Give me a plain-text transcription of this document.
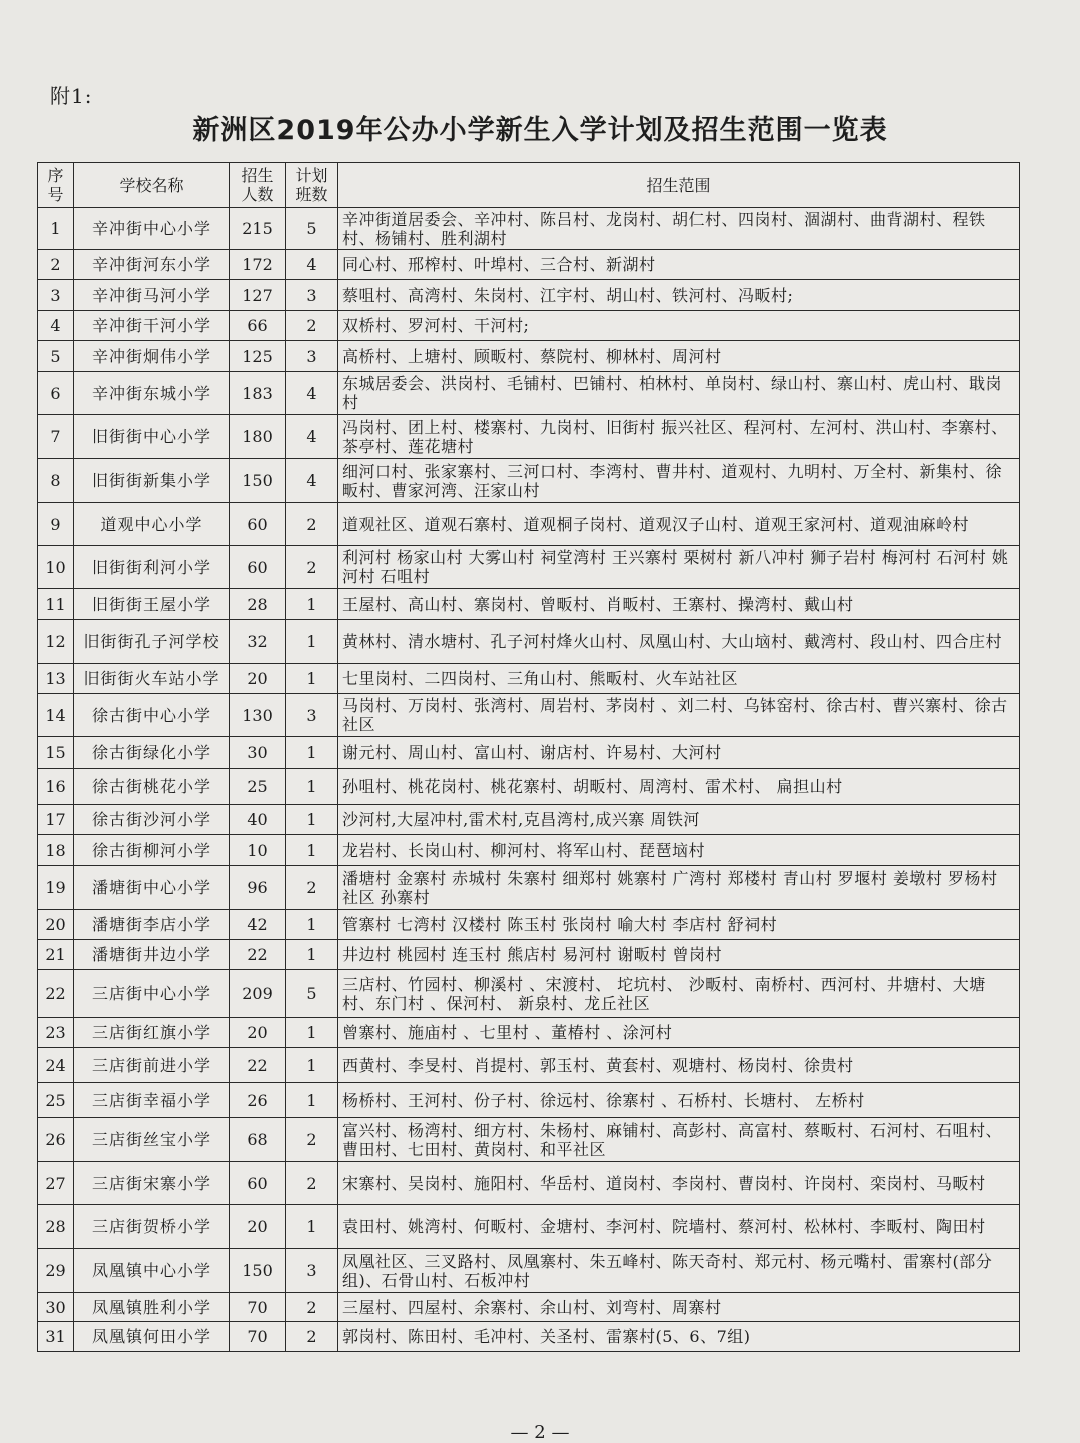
附1:
新洲区2019年公办小学新生入学计划及招生范围一览表
序号	学校名称	招生人数	计划班数	招生范围
1	辛冲街中心小学	215	5	辛冲街道居委会、辛冲村、陈吕村、龙岗村、胡仁村、四岗村、涸湖村、曲背湖村、程铁村、杨铺村、胜利湖村
2	辛冲街河东小学	172	4	同心村、邢榨村、叶埠村、三合村、新湖村
3	辛冲街马河小学	127	3	蔡咀村、高湾村、朱岗村、江宇村、胡山村、铁河村、冯畈村;
4	辛冲街干河小学	66	2	双桥村、罗河村、干河村;
5	辛冲街炯伟小学	125	3	高桥村、上塘村、顾畈村、蔡院村、柳林村、周河村
6	辛冲街东城小学	183	4	东城居委会、洪岗村、毛铺村、巴铺村、柏林村、单岗村、绿山村、寨山村、虎山村、戢岗村
7	旧街街中心小学	180	4	冯岗村、团上村、楼寨村、九岗村、旧街村 振兴社区、程河村、左河村、洪山村、李寨村、茶亭村、莲花塘村
8	旧街街新集小学	150	4	细河口村、张家寨村、三河口村、李湾村、曹井村、道观村、九明村、万全村、新集村、徐畈村、曹家河湾、汪家山村
9	道观中心小学	60	2	道观社区、道观石寨村、道观桐子岗村、道观汉子山村、道观王家河村、道观油麻岭村
10	旧街街利河小学	60	2	利河村 杨家山村 大雾山村 祠堂湾村 王兴寨村 栗树村 新八冲村 狮子岩村 梅河村 石河村 姚河村 石咀村
11	旧街街王屋小学	28	1	王屋村、高山村、寨岗村、曾畈村、肖畈村、王寨村、操湾村、戴山村
12	旧街街孔子河学校	32	1	黄林村、清水塘村、孔子河村烽火山村、凤凰山村、大山垴村、戴湾村、段山村、四合庄村
13	旧街街火车站小学	20	1	七里岗村、二四岗村、三角山村、熊畈村、火车站社区
14	徐古街中心小学	130	3	马岗村、万岗村、张湾村、周岩村、茅岗村 、刘二村、乌钵窑村、徐古村、曹兴寨村、徐古社区
15	徐古街绿化小学	30	1	谢元村、周山村、富山村、谢店村、许易村、大河村
16	徐古街桃花小学	25	1	孙咀村、桃花岗村、桃花寨村、胡畈村、周湾村、雷术村、 扁担山村
17	徐古街沙河小学	40	1	沙河村,大屋冲村,雷术村,克昌湾村,成兴寨 周铁河
18	徐古街柳河小学	10	1	龙岩村、长岗山村、柳河村、将军山村、琵琶垴村
19	潘塘街中心小学	96	2	潘塘村 金寨村 赤城村 朱寨村 细郑村 姚寨村 广湾村 郑楼村 青山村 罗堰村 姜墩村 罗杨村 社区 孙寨村
20	潘塘街李店小学	42	1	管寨村 七湾村 汉楼村 陈玉村 张岗村 喻大村 李店村 舒祠村
21	潘塘街井边小学	22	1	井边村 桃园村 连玉村 熊店村 易河村 谢畈村 曾岗村
22	三店街中心小学	209	5	三店村、竹园村、柳溪村 、宋渡村、 坨坑村、 沙畈村、南桥村、西河村、井塘村、大塘村、东门村 、保河村、 新泉村、龙丘社区
23	三店街红旗小学	20	1	曾寨村、施庙村 、七里村 、董椿村 、涂河村
24	三店街前进小学	22	1	西黄村、李旻村、肖提村、郭玉村、黄套村、观塘村、杨岗村、徐贵村
25	三店街幸福小学	26	1	杨桥村、王河村、份子村、徐远村、徐寨村 、石桥村、长塘村、 左桥村
26	三店街丝宝小学	68	2	富兴村、杨湾村、细方村、朱杨村、麻铺村、高彭村、高富村、蔡畈村、石河村、石咀村、曹田村、七田村、黄岗村、和平社区
27	三店街宋寨小学	60	2	宋寨村、吴岗村、施阳村、华岳村、道岗村、李岗村、曹岗村、许岗村、栾岗村、马畈村
28	三店街贺桥小学	20	1	袁田村、姚湾村、何畈村、金塘村、李河村、院墙村、蔡河村、松林村、李畈村、陶田村
29	凤凰镇中心小学	150	3	凤凰社区、三叉路村、凤凰寨村、朱五峰村、陈天奇村、郑元村、杨元嘴村、雷寨村(部分组)、石骨山村、石板冲村
30	凤凰镇胜利小学	70	2	三屋村、四屋村、余寨村、余山村、刘弯村、周寨村
31	凤凰镇何田小学	70	2	郭岗村、陈田村、毛冲村、关圣村、雷寨村(5、6、7组)
— 2 —
